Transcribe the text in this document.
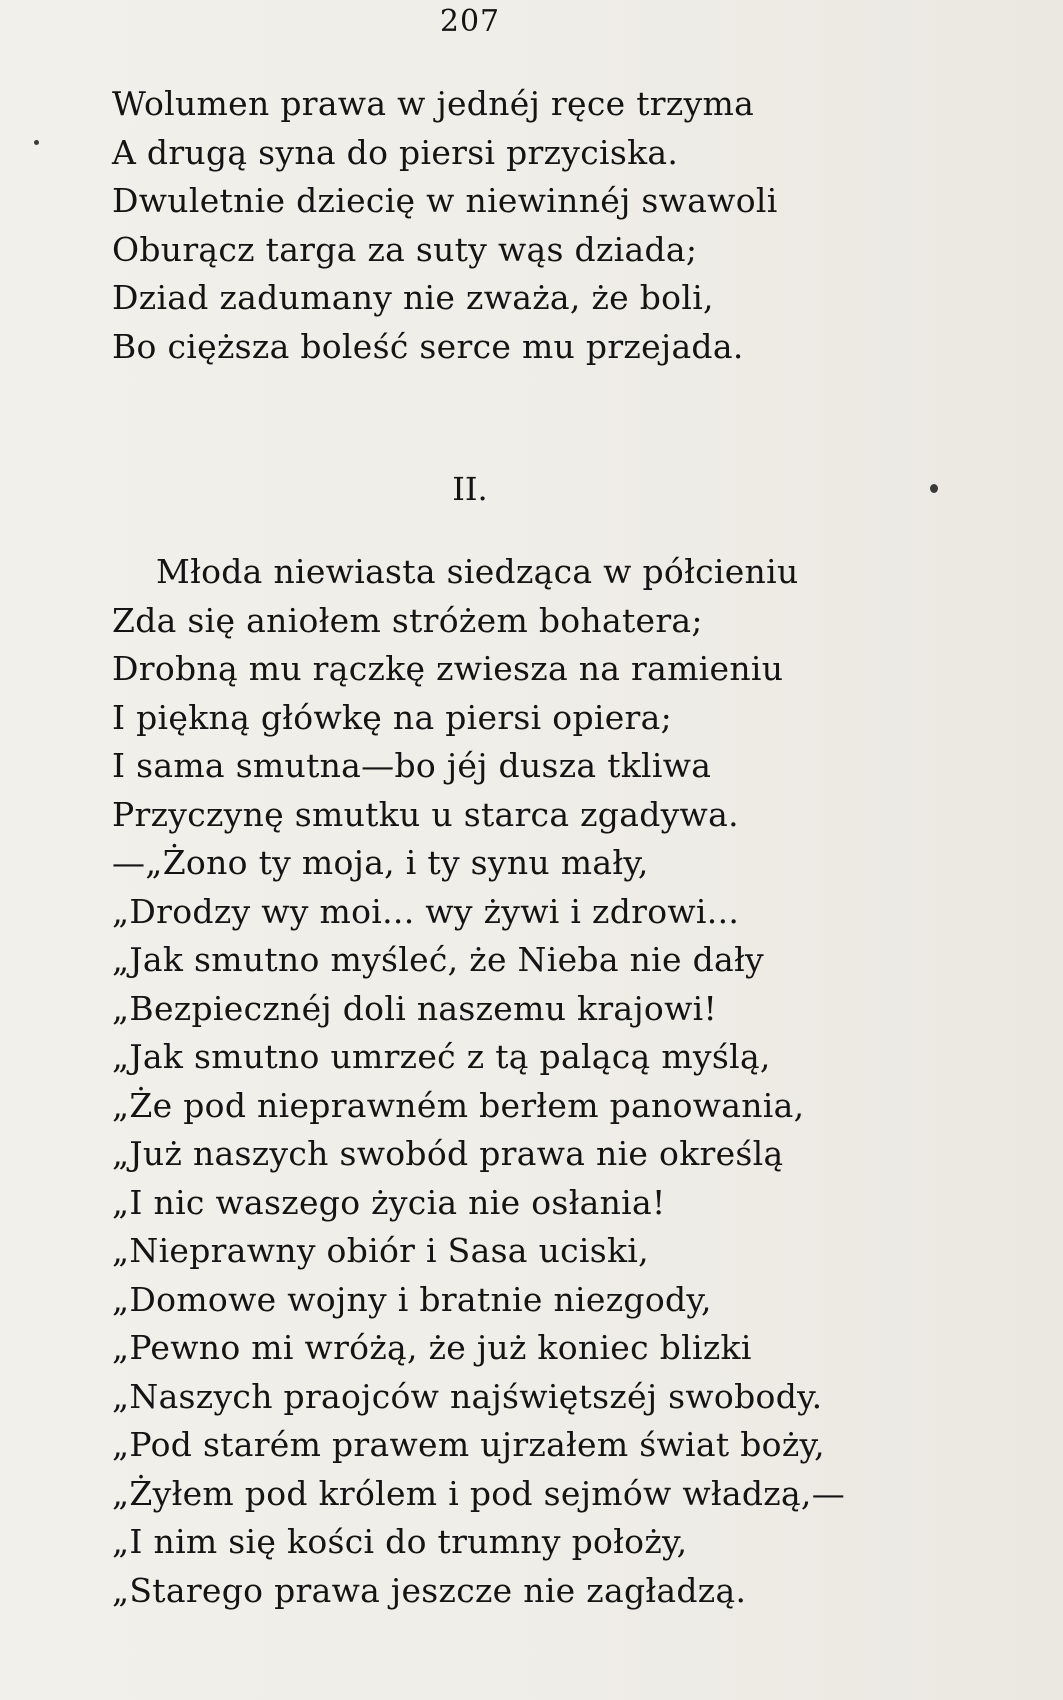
207
Wolumen prawa w jednéj ręce trzyma
A drugą syna do piersi przyciska.
Dwuletnie dziecię w niewinnéj swawoli
Oburącz targa za suty wąs dziada;
Dziad zadumany nie zważa, że boli,
Bo cięższa boleść serce mu przejada.
II.
Młoda niewiasta siedząca w półcieniu
Zda się aniołem stróżem bohatera;
Drobną mu rączkę zwiesza na ramieniu
I piękną główkę na piersi opiera;
I sama smutna—bo jéj dusza tkliwa
Przyczynę smutku u starca zgadywa.
—„Żono ty moja, i ty synu mały,
„Drodzy wy moi... wy żywi i zdrowi...
„Jak smutno myśleć, że Nieba nie dały
„Bezpiecznéj doli naszemu krajowi!
„Jak smutno umrzeć z tą palącą myślą,
„Że pod nieprawném berłem panowania,
„Już naszych swobód prawa nie określą
„I nic waszego życia nie osłania!
„Nieprawny obiór i Sasa uciski,
„Domowe wojny i bratnie niezgody,
„Pewno mi wróżą, że już koniec blizki
„Naszych praojców najświętszéj swobody.
„Pod starém prawem ujrzałem świat boży,
„Żyłem pod królem i pod sejmów władzą,—
„I nim się kości do trumny położy,
„Starego prawa jeszcze nie zagładzą.
